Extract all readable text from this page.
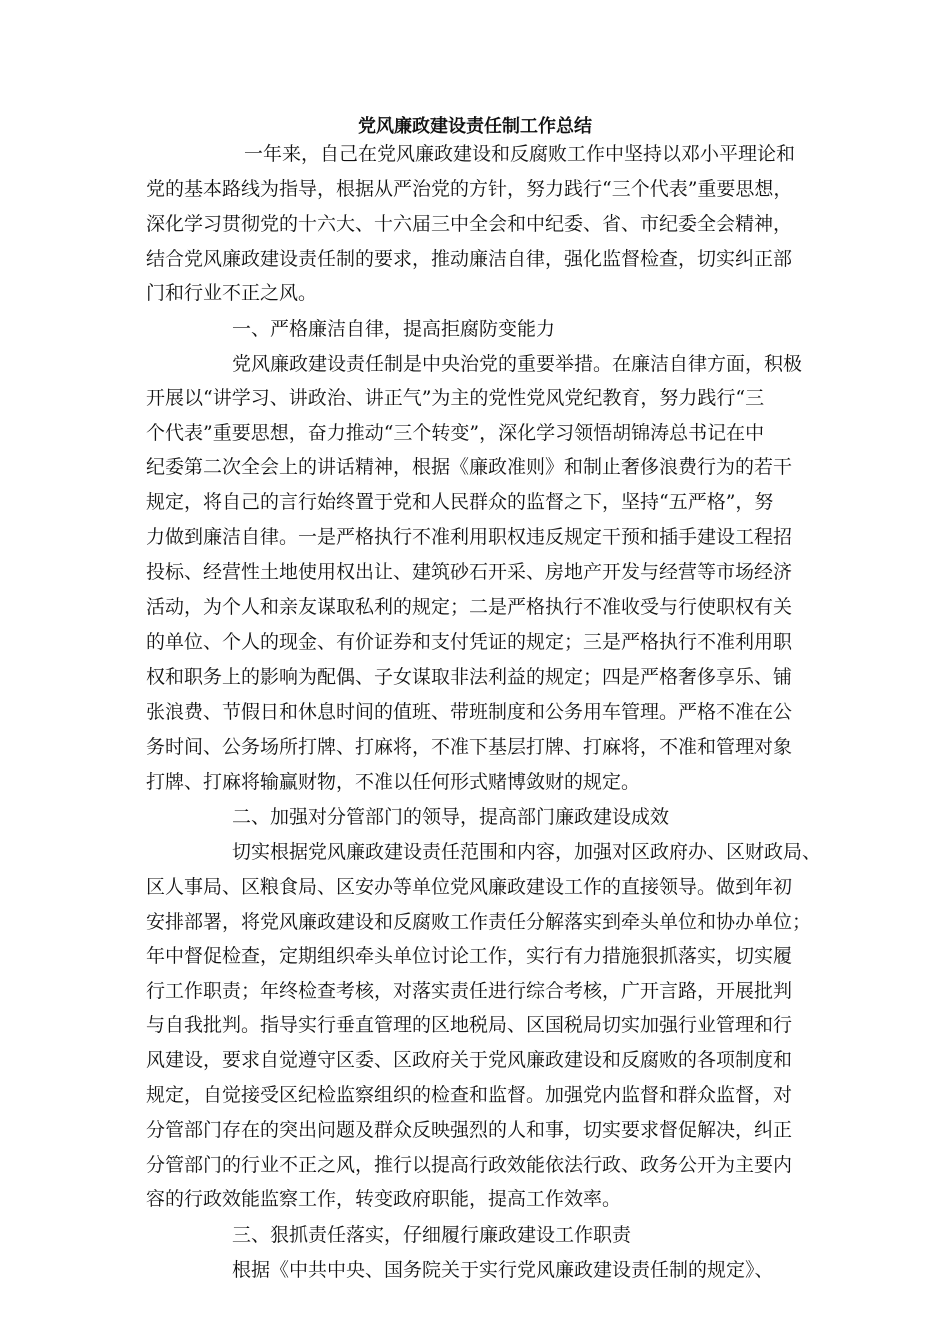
党风廉政建设责任制工作总结
一年来，自己在党风廉政建设和反腐败工作中坚持以邓小平理论和
党的基本路线为指导，根据从严治党的方针，努力践行“三个代表”重要思想，
深化学习贯彻党的十六大、十六届三中全会和中纪委、省、市纪委全会精神，
结合党风廉政建设责任制的要求，推动廉洁自律，强化监督检查，切实纠正部
门和行业不正之风。
一、严格廉洁自律，提高拒腐防变能力
党风廉政建设责任制是中央治党的重要举措。在廉洁自律方面，积极
开展以“讲学习、讲政治、讲正气”为主的党性党风党纪教育，努力践行“三
个代表”重要思想，奋力推动“三个转变”，深化学习领悟胡锦涛总书记在中
纪委第二次全会上的讲话精神，根据《廉政准则》和制止奢侈浪费行为的若干
规定，将自己的言行始终置于党和人民群众的监督之下，坚持“五严格”，努
力做到廉洁自律。一是严格执行不准利用职权违反规定干预和插手建设工程招
投标、经营性土地使用权出让、建筑砂石开采、房地产开发与经营等市场经济
活动，为个人和亲友谋取私利的规定；二是严格执行不准收受与行使职权有关
的单位、个人的现金、有价证券和支付凭证的规定；三是严格执行不准利用职
权和职务上的影响为配偶、子女谋取非法利益的规定；四是严格奢侈享乐、铺
张浪费、节假日和休息时间的值班、带班制度和公务用车管理。严格不准在公
务时间、公务场所打牌、打麻将，不准下基层打牌、打麻将，不准和管理对象
打牌、打麻将输赢财物，不准以任何形式赌博敛财的规定。
二、加强对分管部门的领导，提高部门廉政建设成效
切实根据党风廉政建设责任范围和内容，加强对区政府办、区财政局、
区人事局、区粮食局、区安办等单位党风廉政建设工作的直接领导。做到年初
安排部署，将党风廉政建设和反腐败工作责任分解落实到牵头单位和协办单位；
年中督促检查，定期组织牵头单位讨论工作，实行有力措施狠抓落实，切实履
行工作职责；年终检查考核，对落实责任进行综合考核，广开言路，开展批判
与自我批判。指导实行垂直管理的区地税局、区国税局切实加强行业管理和行
风建设，要求自觉遵守区委、区政府关于党风廉政建设和反腐败的各项制度和
规定，自觉接受区纪检监察组织的检查和监督。加强党内监督和群众监督，对
分管部门存在的突出问题及群众反映强烈的人和事，切实要求督促解决，纠正
分管部门的行业不正之风，推行以提高行政效能依法行政、政务公开为主要内
容的行政效能监察工作，转变政府职能，提高工作效率。
三、狠抓责任落实，仔细履行廉政建设工作职责
根据《中共中央、国务院关于实行党风廉政建设责任制的规定》、
